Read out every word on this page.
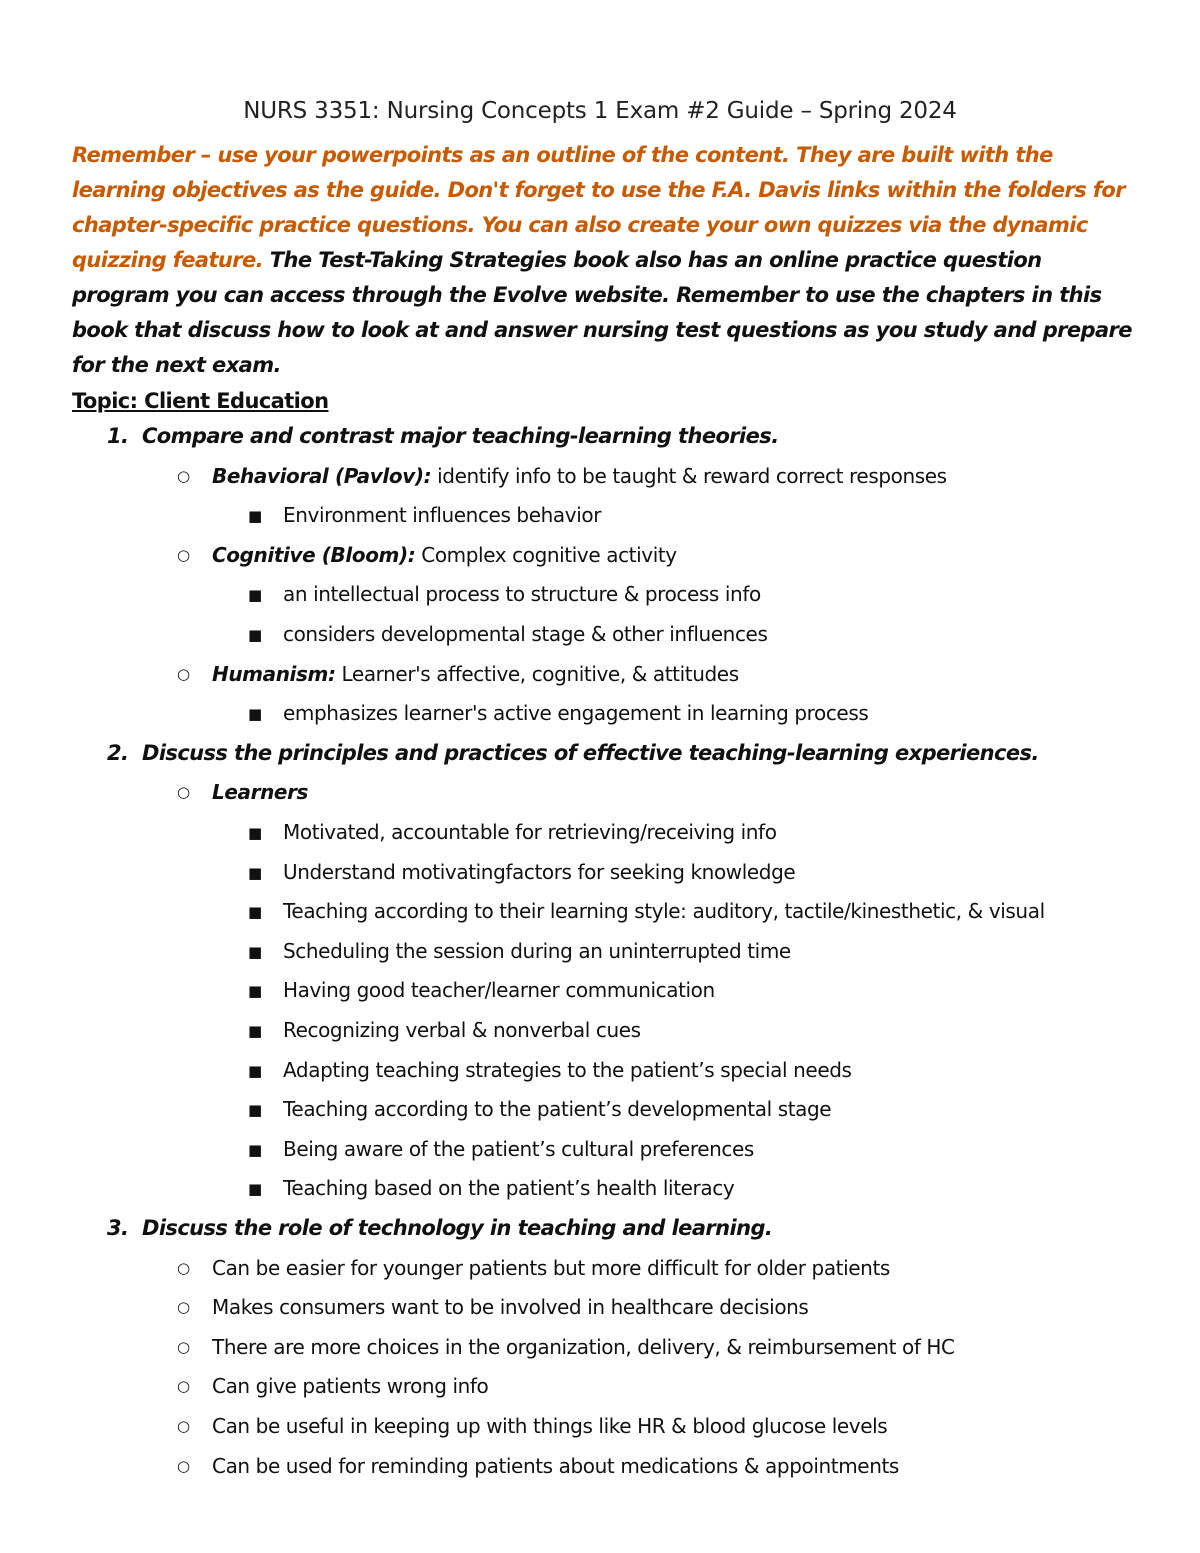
NURS 3351: Nursing Concepts 1 Exam #2 Guide – Spring 2024
Remember – use your powerpoints as an outline of the content. They are built with the learning objectives as the guide. Don't forget to use the F.A. Davis links within the folders for chapter-specific practice questions. You can also create your own quizzes via the dynamic quizzing feature. The Test-Taking Strategies book also has an online practice question program you can access through the Evolve website. Remember to use the chapters in this book that discuss how to look at and answer nursing test questions as you study and prepare for the next exam.
Topic: Client Education
1. Compare and contrast major teaching-learning theories.
○ Behavioral (Pavlov): identify info to be taught & reward correct responses
■ Environment influences behavior
○ Cognitive (Bloom): Complex cognitive activity
■ an intellectual process to structure & process info
■ considers developmental stage & other influences
○ Humanism: Learner's affective, cognitive, & attitudes
■ emphasizes learner's active engagement in learning process
2. Discuss the principles and practices of effective teaching-learning experiences.
○ Learners
■ Motivated, accountable for retrieving/receiving info
■ Understand motivatingfactors for seeking knowledge
■ Teaching according to their learning style: auditory, tactile/kinesthetic, & visual
■ Scheduling the session during an uninterrupted time
■ Having good teacher/learner communication
■ Recognizing verbal & nonverbal cues
■ Adapting teaching strategies to the patient’s special needs
■ Teaching according to the patient’s developmental stage
■ Being aware of the patient’s cultural preferences
■ Teaching based on the patient’s health literacy
3. Discuss the role of technology in teaching and learning.
○ Can be easier for younger patients but more difficult for older patients
○ Makes consumers want to be involved in healthcare decisions
○ There are more choices in the organization, delivery, & reimbursement of HC
○ Can give patients wrong info
○ Can be useful in keeping up with things like HR & blood glucose levels
○ Can be used for reminding patients about medications & appointments
